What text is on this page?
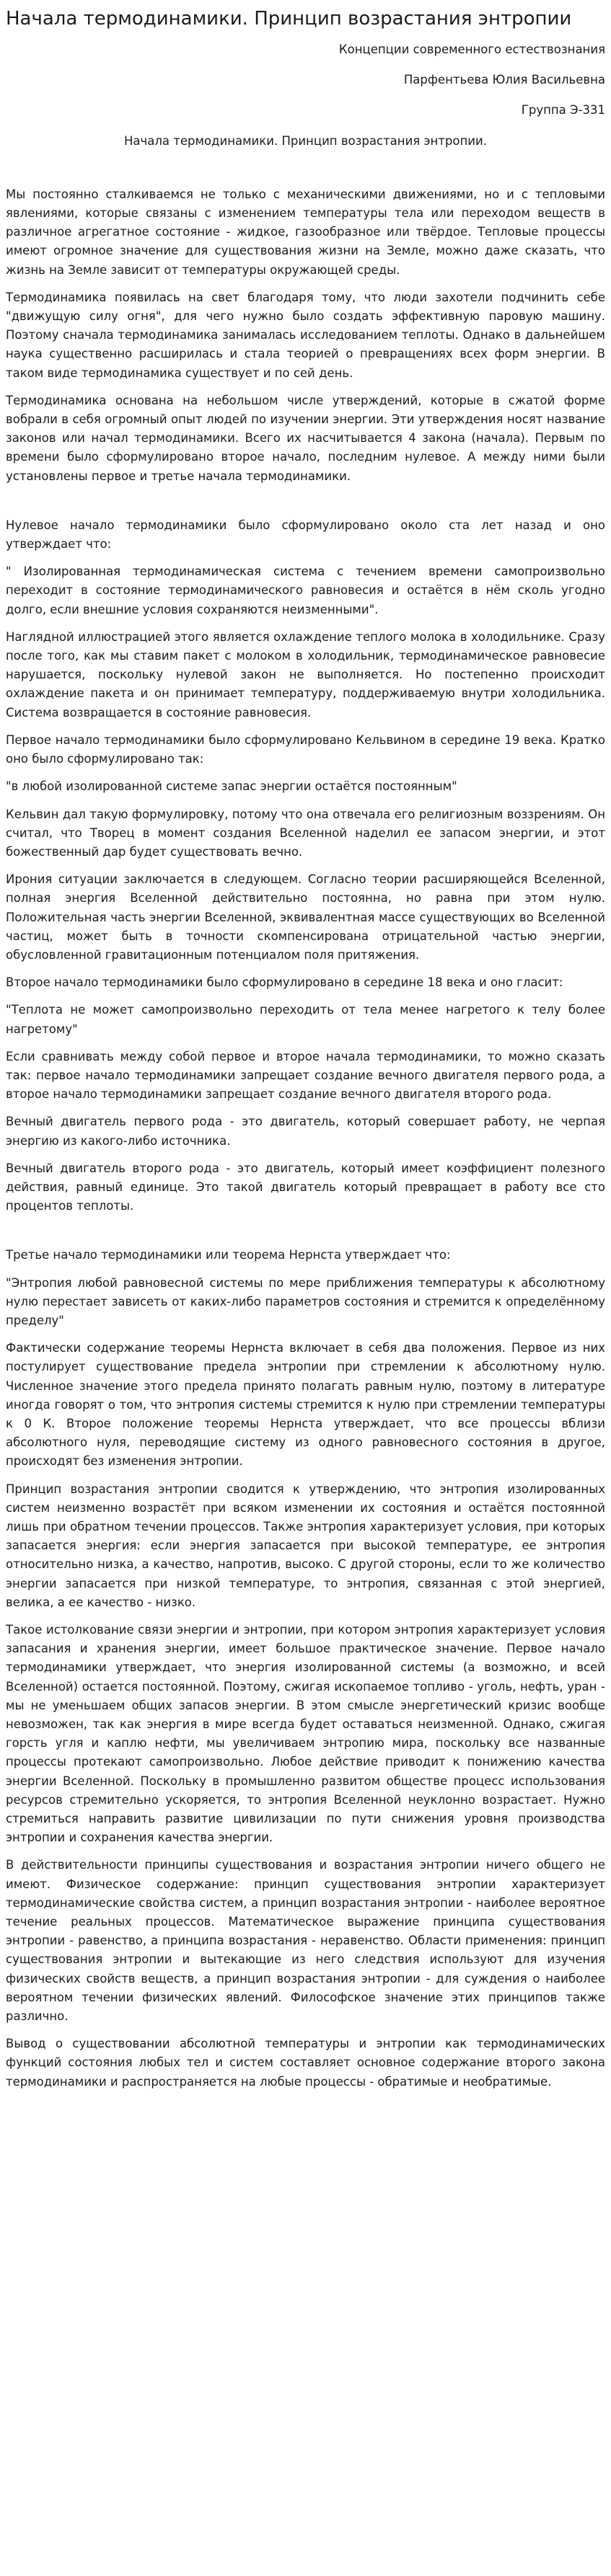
Начала термодинамики. Принцип возрастания энтропии
Концепции современного естествознания
Парфентьева Юлия Васильевна
Группа Э-331
Начала термодинамики. Принцип возрастания энтропии.

Мы постоянно сталкиваемся не только с механическими движениями, но и с тепловыми явлениями, которые связаны с изменением температуры тела или переходом веществ в различное агрегатное состояние - жидкое, газообразное или твёрдое. Тепловые процессы имеют огромное значение для существования жизни на Земле, можно даже сказать, что жизнь на Земле зависит от температуры окружающей среды.

Термодинамика появилась на свет благодаря тому, что люди захотели подчинить себе "движущую силу огня", для чего нужно было создать эффективную паровую машину. Поэтому сначала термодинамика занималась исследованием теплоты. Однако в дальнейшем наука существенно расширилась и стала теорией о превращениях всех форм энергии. В таком виде термодинамика существует и по сей день.

Термодинамика основана на небольшом числе утверждений, которые в сжатой форме вобрали в себя огромный опыт людей по изучении энергии. Эти утверждения носят название законов или начал термодинамики. Всего их насчитывается 4 закона (начала). Первым по времени было сформулировано второе начало, последним нулевое. А между ними были установлены первое и третье начала термодинамики.

Нулевое начало термодинамики было сформулировано около ста лет назад и оно утверждает что:

" Изолированная термодинамическая система с течением времени самопроизвольно переходит в состояние термодинамического равновесия и остаётся в нём сколь угодно долго, если внешние условия сохраняются неизменными".

Наглядной иллюстрацией этого является охлаждение теплого молока в холодильнике. Сразу после того, как мы ставим пакет с молоком в холодильник, термодинамическое равновесие нарушается, поскольку нулевой закон не выполняется. Но постепенно происходит охлаждение пакета и он принимает температуру, поддерживаемую внутри холодильника. Система возвращается в состояние равновесия.

Первое начало термодинамики было сформулировано Кельвином в середине 19 века. Кратко оно было сформулировано так:

"в любой изолированной системе запас энергии остаётся постоянным"

Кельвин дал такую формулировку, потому что она отвечала его религиозным воззрениям. Он считал, что Творец в момент создания Вселенной наделил ее запасом энергии, и этот божественный дар будет существовать вечно.

Ирония ситуации заключается в следующем. Согласно теории расширяющейся Вселенной, полная энергия Вселенной действительно постоянна, но равна при этом нулю. Положительная часть энергии Вселенной, эквивалентная массе существующих во Вселенной частиц, может быть в точности скомпенсирована отрицательной частью энергии, обусловленной гравитационным потенциалом поля притяжения.

Второе начало термодинамики было сформулировано в середине 18 века и оно гласит:

"Теплота не может самопроизвольно переходить от тела менее нагретого к телу более нагретому"

Если сравнивать между собой первое и второе начала термодинамики, то можно сказать так: первое начало термодинамики запрещает создание вечного двигателя первого рода, а второе начало термодинамики запрещает создание вечного двигателя второго рода.

Вечный двигатель первого рода - это двигатель, который совершает работу, не черпая энергию из какого-либо источника.

Вечный двигатель второго рода - это двигатель, который имеет коэффициент полезного действия, равный единице. Это такой двигатель который превращает в работу все сто процентов теплоты.

Третье начало термодинамики или теорема Нернста утверждает что:

"Энтропия любой равновесной системы по мере приближения температуры к абсолютному нулю перестает зависеть от каких-либо параметров состояния и стремится к определённому пределу"

Фактически содержание теоремы Нернста включает в себя два положения. Первое из них постулирует существование предела энтропии при стремлении к абсолютному нулю. Численное значение этого предела принято полагать равным нулю, поэтому в литературе иногда говорят о том, что энтропия системы стремится к нулю при стремлении температуры к 0 К. Второе положение теоремы Нернста утверждает, что все процессы вблизи абсолютного нуля, переводящие систему из одного равновесного состояния в другое, происходят без изменения энтропии.

Принцип возрастания энтропии сводится к утверждению, что энтропия изолированных систем неизменно возрастёт при всяком изменении их состояния и остаётся постоянной лишь при обратном течении процессов. Также энтропия характеризует условия, при которых запасается энергия: если энергия запасается при высокой температуре, ее энтропия относительно низка, а качество, напротив, высоко. С другой стороны, если то же количество энергии запасается при низкой температуре, то энтропия, связанная с этой энергией, велика, а ее качество - низко.

Такое истолкование связи энергии и энтропии, при котором энтропия характеризует условия запасания и хранения энергии, имеет большое практическое значение. Первое начало термодинамики утверждает, что энергия изолированной системы (а возможно, и всей Вселенной) остается постоянной. Поэтому, сжигая ископаемое топливо - уголь, нефть, уран - мы не уменьшаем общих запасов энергии. В этом смысле энергетический кризис вообще невозможен, так как энергия в мире всегда будет оставаться неизменной. Однако, сжигая горсть угля и каплю нефти, мы увеличиваем энтропию мира, поскольку все названные процессы протекают самопроизвольно. Любое действие приводит к понижению качества энергии Вселенной. Поскольку в промышленно развитом обществе процесс использования ресурсов стремительно ускоряется, то энтропия Вселенной неуклонно возрастает. Нужно стремиться направить развитие цивилизации по пути снижения уровня производства энтропии и сохранения качества энергии.

В действительности принципы существования и возрастания энтропии ничего общего не имеют. Физическое содержание: принцип существования энтропии характеризует термодинамические свойства систем, а принцип возрастания энтропии - наиболее вероятное течение реальных процессов. Математическое выражение принципа существования энтропии - равенство, а принципа возрастания - неравенство. Области применения: принцип существования энтропии и вытекающие из него следствия используют для изучения физических свойств веществ, а принцип возрастания энтропии - для суждения о наиболее вероятном течении физических явлений. Философское значение этих принципов также различно.

Вывод о существовании абсолютной температуры и энтропии как термодинамических функций состояния любых тел и систем составляет основное содержание второго закона термодинамики и распространяется на любые процессы - обратимые и необратимые.
